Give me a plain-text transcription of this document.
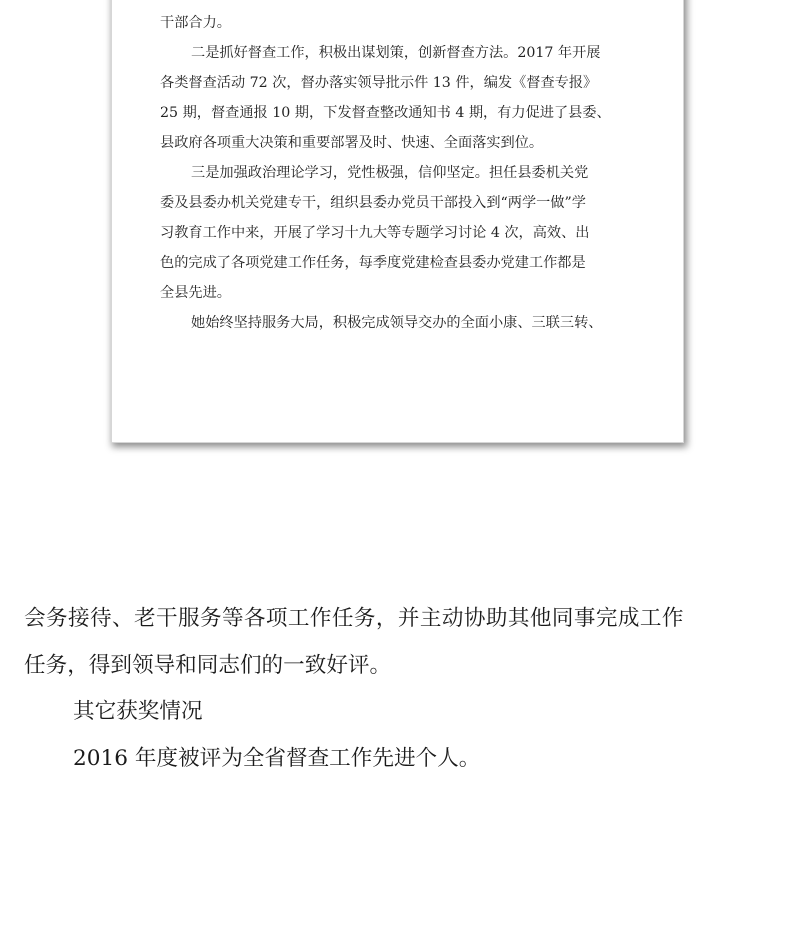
干部合力。
二是抓好督查工作，积极出谋划策，创新督查方法。2017 年开展
各类督查活动 72 次，督办落实领导批示件 13 件，编发《督查专报》
25 期，督查通报 10 期，下发督查整改通知书 4 期，有力促进了县委、
县政府各项重大决策和重要部署及时、快速、全面落实到位。
三是加强政治理论学习，党性极强，信仰坚定。担任县委机关党
委及县委办机关党建专干，组织县委办党员干部投入到“两学一做”学
习教育工作中来，开展了学习十九大等专题学习讨论 4 次，高效、出
色的完成了各项党建工作任务，每季度党建检查县委办党建工作都是
全县先进。
她始终坚持服务大局，积极完成领导交办的全面小康、三联三转、
会务接待、老干服务等各项工作任务，并主动协助其他同事完成工作
任务，得到领导和同志们的一致好评。
其它获奖情况
2016 年度被评为全省督查工作先进个人。
